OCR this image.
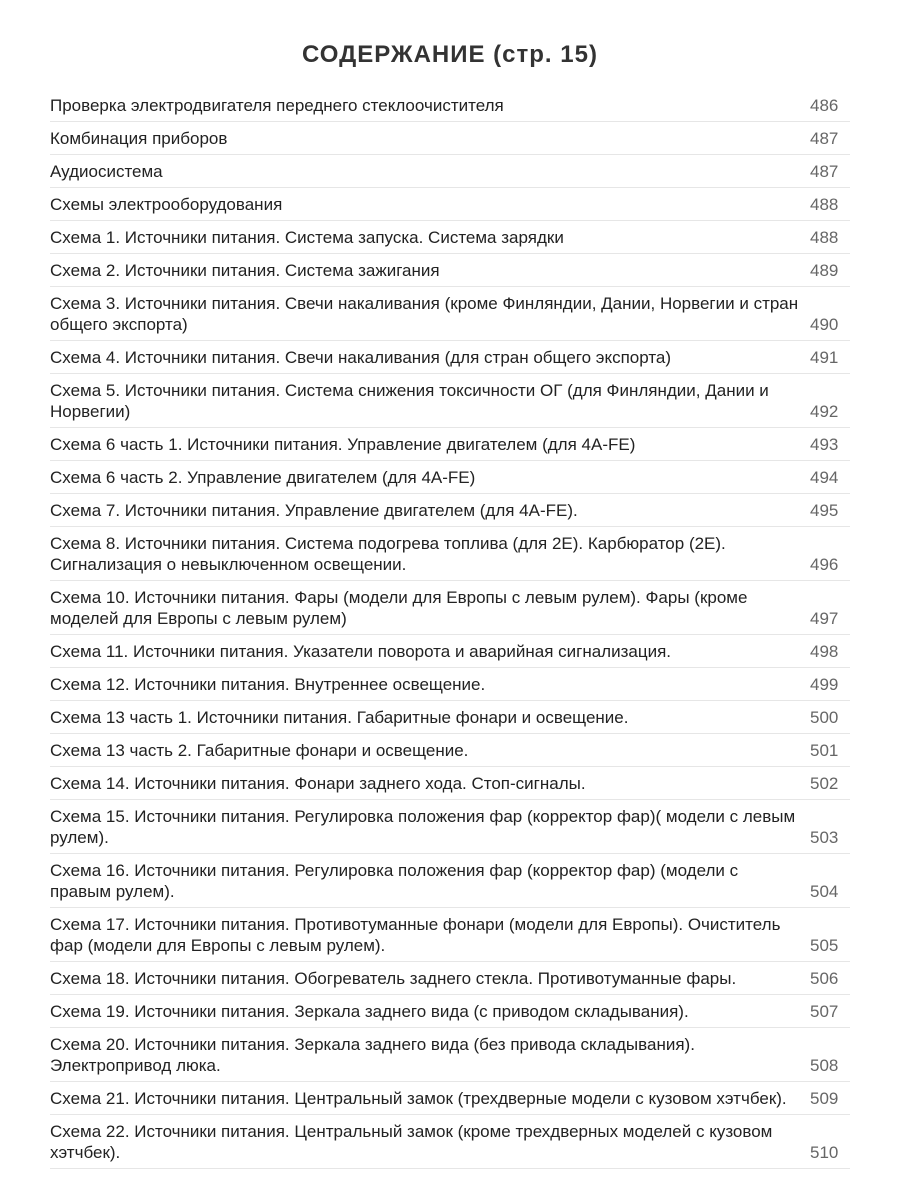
СОДЕРЖАНИЕ (стр. 15)
Проверка электродвигателя переднего стеклоочистителя	486
Комбинация приборов	487
Аудиосистема	487
Схемы электрооборудования	488
Схема 1. Источники питания. Система запуска. Система зарядки	488
Схема 2. Источники питания. Система зажигания	489
Схема 3. Источники питания. Свечи накаливания (кроме Финляндии, Дании, Норвегии и стран общего экспорта)	490
Схема 4. Источники питания. Свечи накаливания (для стран общего экспорта)	491
Схема 5. Источники питания. Система снижения токсичности ОГ (для Финляндии, Дании и Норвегии)	492
Схема 6 часть 1. Источники питания. Управление двигателем (для 4A-FE)	493
Схема 6 часть 2. Управление двигателем (для 4A-FE)	494
Схема 7. Источники питания. Управление двигателем (для 4A-FE).	495
Схема 8. Источники питания. Система подогрева топлива (для 2E). Карбюратор (2E). Сигнализация о невыключенном освещении.	496
Схема 10. Источники питания. Фары (модели для Европы с левым рулем). Фары (кроме моделей для Европы с левым рулем)	497
Схема 11. Источники питания. Указатели поворота и аварийная сигнализация.	498
Схема 12. Источники питания. Внутреннее освещение.	499
Схема 13 часть 1. Источники питания. Габаритные фонари и освещение.	500
Схема 13 часть 2. Габаритные фонари и освещение.	501
Схема 14. Источники питания. Фонари заднего хода. Стоп-сигналы.	502
Схема 15. Источники питания. Регулировка положения фар (корректор фар)( модели с левым рулем).	503
Схема 16. Источники питания. Регулировка положения фар (корректор фар) (модели с правым рулем).	504
Схема 17. Источники питания. Противотуманные фонари (модели для Европы). Очиститель фар (модели для Европы с левым рулем).	505
Схема 18. Источники питания. Обогреватель заднего стекла. Противотуманные фары.	506
Схема 19. Источники питания. Зеркала заднего вида (с приводом складывания).	507
Схема 20. Источники питания. Зеркала заднего вида (без привода складывания). Электропривод люка.	508
Схема 21. Источники питания. Центральный замок (трехдверные модели с кузовом хэтчбек).	509
Схема 22. Источники питания. Центральный замок (кроме трехдверных моделей с кузовом хэтчбек).	510
